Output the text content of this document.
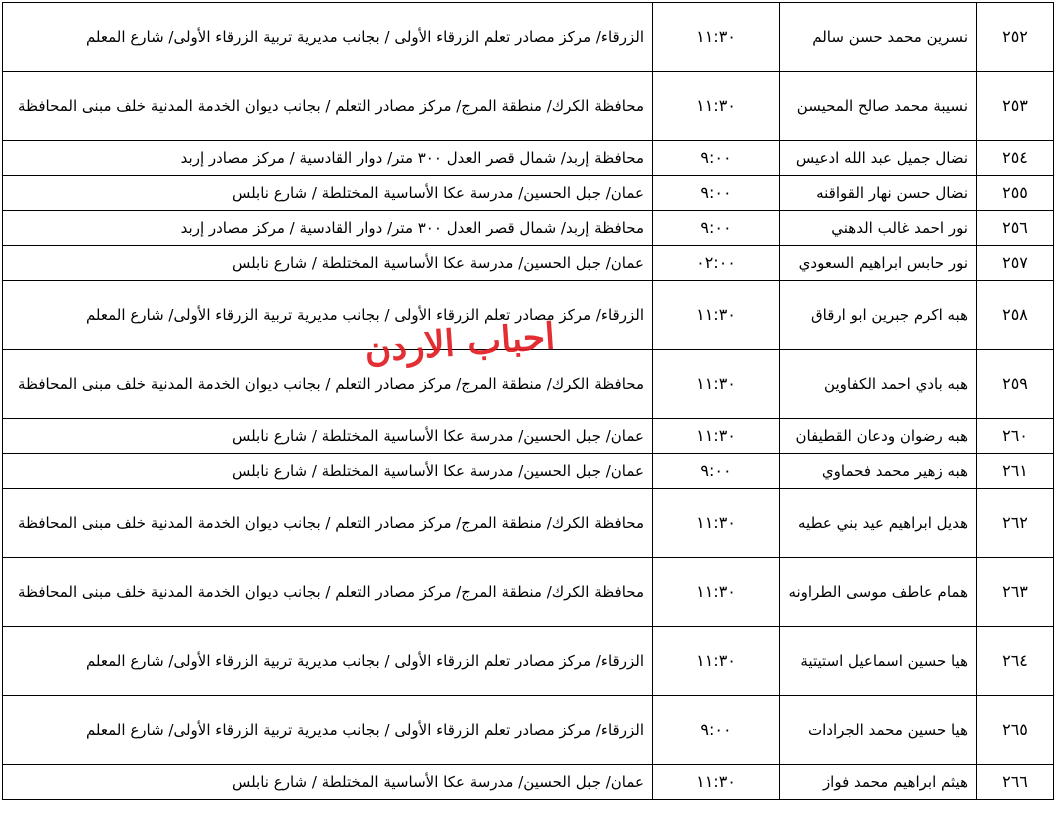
٢٥٢	نسرين محمد حسن سالم	١١:٣٠	الزرقاء/ مركز مصادر تعلم الزرقاء الأولى / بجانب مديرية تربية الزرقاء الأولى/ شارع المعلم
٢٥٣	نسيبة محمد صالح المحيسن	١١:٣٠	محافظة الكرك/ منطقة المرج/ مركز مصادر التعلم / بجانب ديوان الخدمة المدنية خلف مبنى المحافظة
٢٥٤	نضال جميل عبد الله ادعيس	٩:٠٠	محافظة إربد/ شمال قصر العدل ٣٠٠ متر/ دوار القادسية / مركز مصادر إربد
٢٥٥	نضال حسن نهار القواقنه	٩:٠٠	عمان/ جبل الحسين/ مدرسة عكا الأساسية المختلطة / شارع نابلس
٢٥٦	نور احمد غالب الدهني	٩:٠٠	محافظة إربد/ شمال قصر العدل ٣٠٠ متر/ دوار القادسية / مركز مصادر إربد
٢٥٧	نور حابس ابراهيم السعودي	٠٢:٠٠	عمان/ جبل الحسين/ مدرسة عكا الأساسية المختلطة / شارع نابلس
٢٥٨	هبه اكرم جبرين ابو ارقاق	١١:٣٠	الزرقاء/ مركز مصادر تعلم الزرقاء الأولى / بجانب مديرية تربية الزرقاء الأولى/ شارع المعلم
٢٥٩	هبه بادي احمد الكفاوين	١١:٣٠	محافظة الكرك/ منطقة المرج/ مركز مصادر التعلم / بجانب ديوان الخدمة المدنية خلف مبنى المحافظة
٢٦٠	هبه رضوان ودعان القطيفان	١١:٣٠	عمان/ جبل الحسين/ مدرسة عكا الأساسية المختلطة / شارع نابلس
٢٦١	هبه زهير محمد فحماوي	٩:٠٠	عمان/ جبل الحسين/ مدرسة عكا الأساسية المختلطة / شارع نابلس
٢٦٢	هديل ابراهيم عيد بني عطيه	١١:٣٠	محافظة الكرك/ منطقة المرج/ مركز مصادر التعلم / بجانب ديوان الخدمة المدنية خلف مبنى المحافظة
٢٦٣	همام عاطف موسى الطراونه	١١:٣٠	محافظة الكرك/ منطقة المرج/ مركز مصادر التعلم / بجانب ديوان الخدمة المدنية خلف مبنى المحافظة
٢٦٤	هيا حسين اسماعيل استيتية	١١:٣٠	الزرقاء/ مركز مصادر تعلم الزرقاء الأولى / بجانب مديرية تربية الزرقاء الأولى/ شارع المعلم
٢٦٥	هيا حسين محمد الجرادات	٩:٠٠	الزرقاء/ مركز مصادر تعلم الزرقاء الأولى / بجانب مديرية تربية الزرقاء الأولى/ شارع المعلم
٢٦٦	هيثم ابراهيم محمد فواز	١١:٣٠	عمان/ جبل الحسين/ مدرسة عكا الأساسية المختلطة / شارع نابلس
احباب الاردن
